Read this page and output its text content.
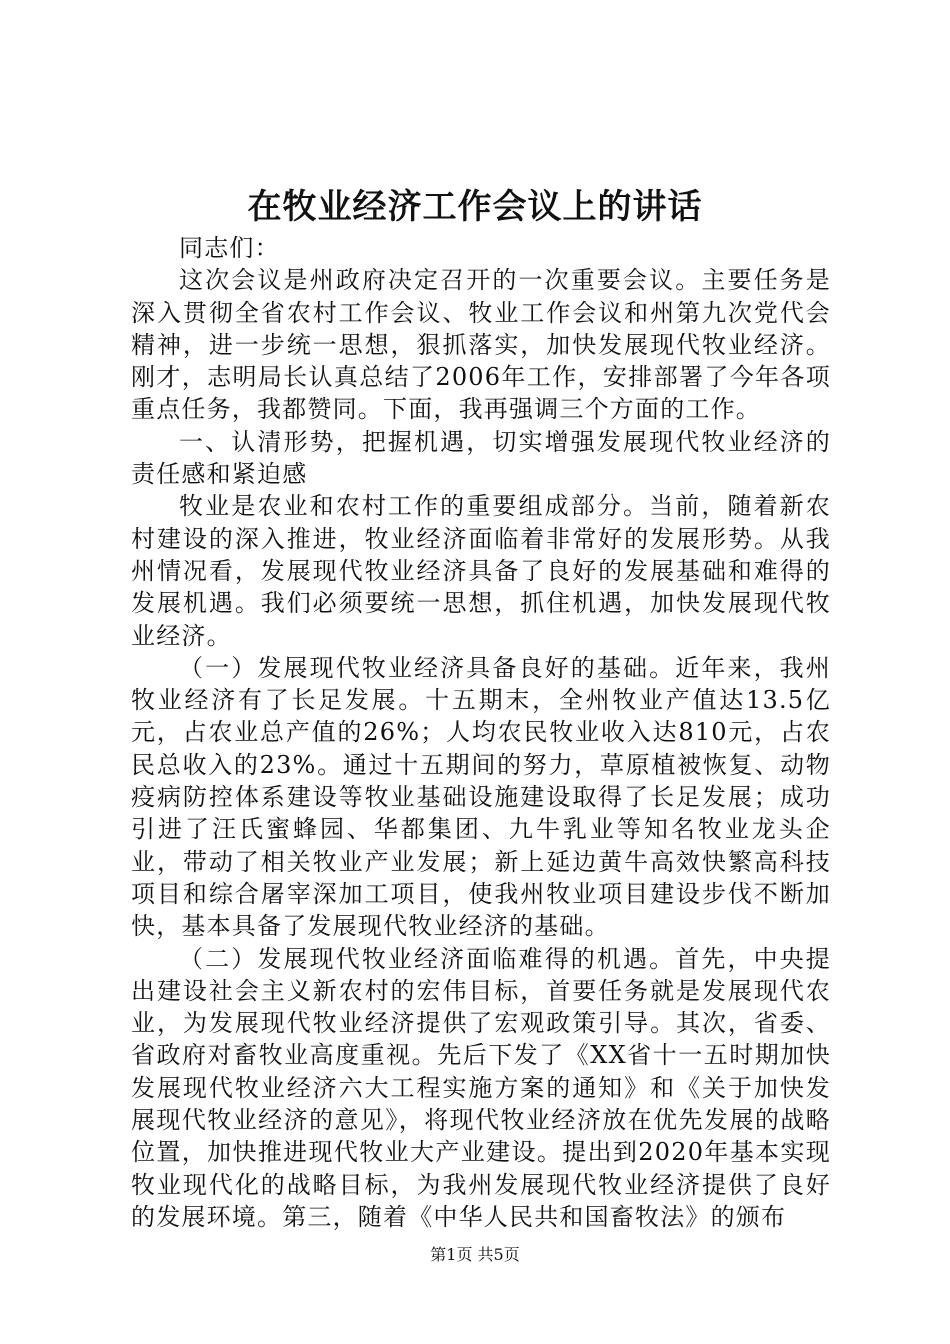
在牧业经济工作会议上的讲话

同志们：

这次会议是州政府决定召开的一次重要会议。主要任务是深入贯彻全省农村工作会议、牧业工作会议和州第九次党代会精神，进一步统一思想，狠抓落实，加快发展现代牧业经济。刚才，志明局长认真总结了2006年工作，安排部署了今年各项重点任务，我都赞同。下面，我再强调三个方面的工作。

一、认清形势，把握机遇，切实增强发展现代牧业经济的责任感和紧迫感

牧业是农业和农村工作的重要组成部分。当前，随着新农村建设的深入推进，牧业经济面临着非常好的发展形势。从我州情况看，发展现代牧业经济具备了良好的发展基础和难得的发展机遇。我们必须要统一思想，抓住机遇，加快发展现代牧业经济。

（一）发展现代牧业经济具备良好的基础。近年来，我州牧业经济有了长足发展。十五期末，全州牧业产值达13.5亿元，占农业总产值的26%；人均农民牧业收入达810元，占农民总收入的23%。通过十五期间的努力，草原植被恢复、动物疫病防控体系建设等牧业基础设施建设取得了长足发展；成功引进了汪氏蜜蜂园、华都集团、九牛乳业等知名牧业龙头企业，带动了相关牧业产业发展；新上延边黄牛高效快繁高科技项目和综合屠宰深加工项目，使我州牧业项目建设步伐不断加快，基本具备了发展现代牧业经济的基础。

（二）发展现代牧业经济面临难得的机遇。首先，中央提出建设社会主义新农村的宏伟目标，首要任务就是发展现代农业，为发展现代牧业经济提供了宏观政策引导。其次，省委、省政府对畜牧业高度重视。先后下发了《XX省十一五时期加快发展现代牧业经济六大工程实施方案的通知》和《关于加快发展现代牧业经济的意见》，将现代牧业经济放在优先发展的战略位置，加快推进现代牧业大产业建设。提出到2020年基本实现牧业现代化的战略目标，为我州发展现代牧业经济提供了良好的发展环境。第三，随着《中华人民共和国畜牧法》的颁布

第1页 共5页
